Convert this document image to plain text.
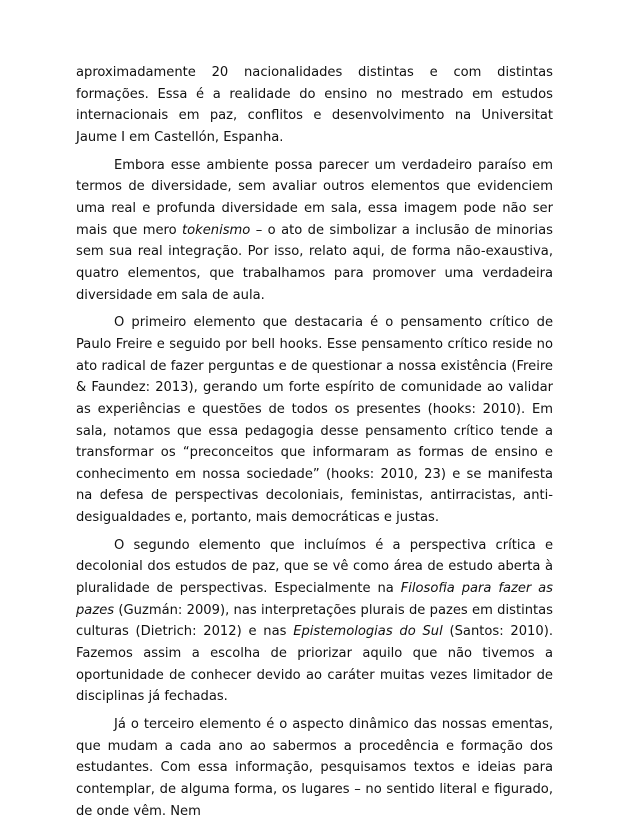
aproximadamente 20 nacionalidades distintas e com distintas formações. Essa é a realidade do ensino no mestrado em estudos internacionais em paz, conflitos e desenvolvimento na Universitat Jaume I em Castellón, Espanha.

Embora esse ambiente possa parecer um verdadeiro paraíso em termos de diversidade, sem avaliar outros elementos que evidenciem uma real e profunda diversidade em sala, essa imagem pode não ser mais que mero tokenismo – o ato de simbolizar a inclusão de minorias sem sua real integração. Por isso, relato aqui, de forma não-exaustiva, quatro elementos, que trabalhamos para promover uma verdadeira diversidade em sala de aula.

O primeiro elemento que destacaria é o pensamento crítico de Paulo Freire e seguido por bell hooks. Esse pensamento crítico reside no ato radical de fazer perguntas e de questionar a nossa existência (Freire & Faundez: 2013), gerando um forte espírito de comunidade ao validar as experiências e questões de todos os presentes (hooks: 2010). Em sala, notamos que essa pedagogia desse pensamento crítico tende a transformar os “preconceitos que informaram as formas de ensino e conhecimento em nossa sociedade” (hooks: 2010, 23) e se manifesta na defesa de perspectivas decoloniais, feministas, antirracistas, anti-desigualdades e, portanto, mais democráticas e justas.

O segundo elemento que incluímos é a perspectiva crítica e decolonial dos estudos de paz, que se vê como área de estudo aberta à pluralidade de perspectivas. Especialmente na Filosofia para fazer as pazes (Guzmán: 2009), nas interpretações plurais de pazes em distintas culturas (Dietrich: 2012) e nas Epistemologias do Sul (Santos: 2010). Fazemos assim a escolha de priorizar aquilo que não tivemos a oportunidade de conhecer devido ao caráter muitas vezes limitador de disciplinas já fechadas.

Já o terceiro elemento é o aspecto dinâmico das nossas ementas, que mudam a cada ano ao sabermos a procedência e formação dos estudantes. Com essa informação, pesquisamos textos e ideias para contemplar, de alguma forma, os lugares – no sentido literal e figurado, de onde vêm. Nem
